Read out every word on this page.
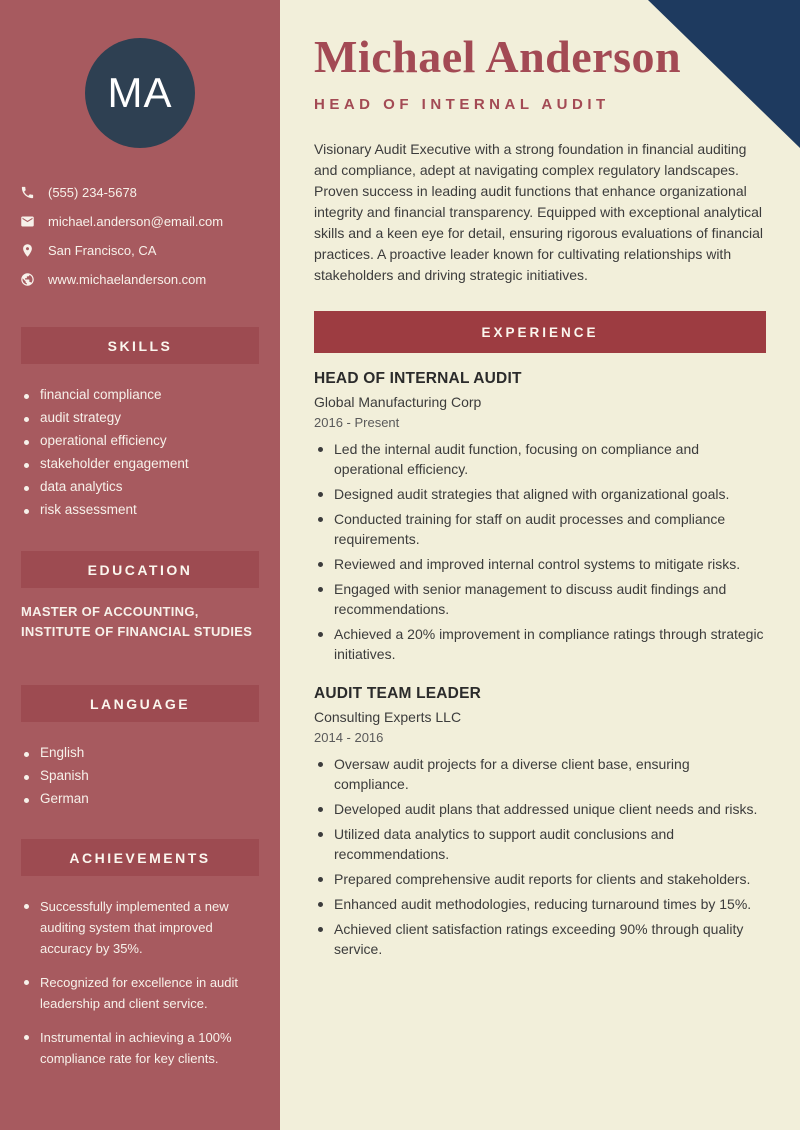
MA
(555) 234-5678
michael.anderson@email.com
San Francisco, CA
www.michaelanderson.com
SKILLS
financial compliance
audit strategy
operational efficiency
stakeholder engagement
data analytics
risk assessment
EDUCATION

MASTER OF ACCOUNTING, INSTITUTE OF FINANCIAL STUDIES

LANGUAGE
English
Spanish
German
ACHIEVEMENTS
Successfully implemented a new auditing system that improved accuracy by 35%.
Recognized for excellence in audit leadership and client service.
Instrumental in achieving a 100% compliance rate for key clients.
Michael Anderson
HEAD OF INTERNAL AUDIT

Visionary Audit Executive with a strong foundation in financial auditing and compliance, adept at navigating complex regulatory landscapes. Proven success in leading audit functions that enhance organizational integrity and financial transparency. Equipped with exceptional analytical skills and a keen eye for detail, ensuring rigorous evaluations of financial practices. A proactive leader known for cultivating relationships with stakeholders and driving strategic initiatives.

EXPERIENCE
HEAD OF INTERNAL AUDIT
Global Manufacturing Corp
2016 - Present
Led the internal audit function, focusing on compliance and operational efficiency.
Designed audit strategies that aligned with organizational goals.
Conducted training for staff on audit processes and compliance requirements.
Reviewed and improved internal control systems to mitigate risks.
Engaged with senior management to discuss audit findings and recommendations.
Achieved a 20% improvement in compliance ratings through strategic initiatives.
AUDIT TEAM LEADER
Consulting Experts LLC
2014 - 2016
Oversaw audit projects for a diverse client base, ensuring compliance.
Developed audit plans that addressed unique client needs and risks.
Utilized data analytics to support audit conclusions and recommendations.
Prepared comprehensive audit reports for clients and stakeholders.
Enhanced audit methodologies, reducing turnaround times by 15%.
Achieved client satisfaction ratings exceeding 90% through quality service.
